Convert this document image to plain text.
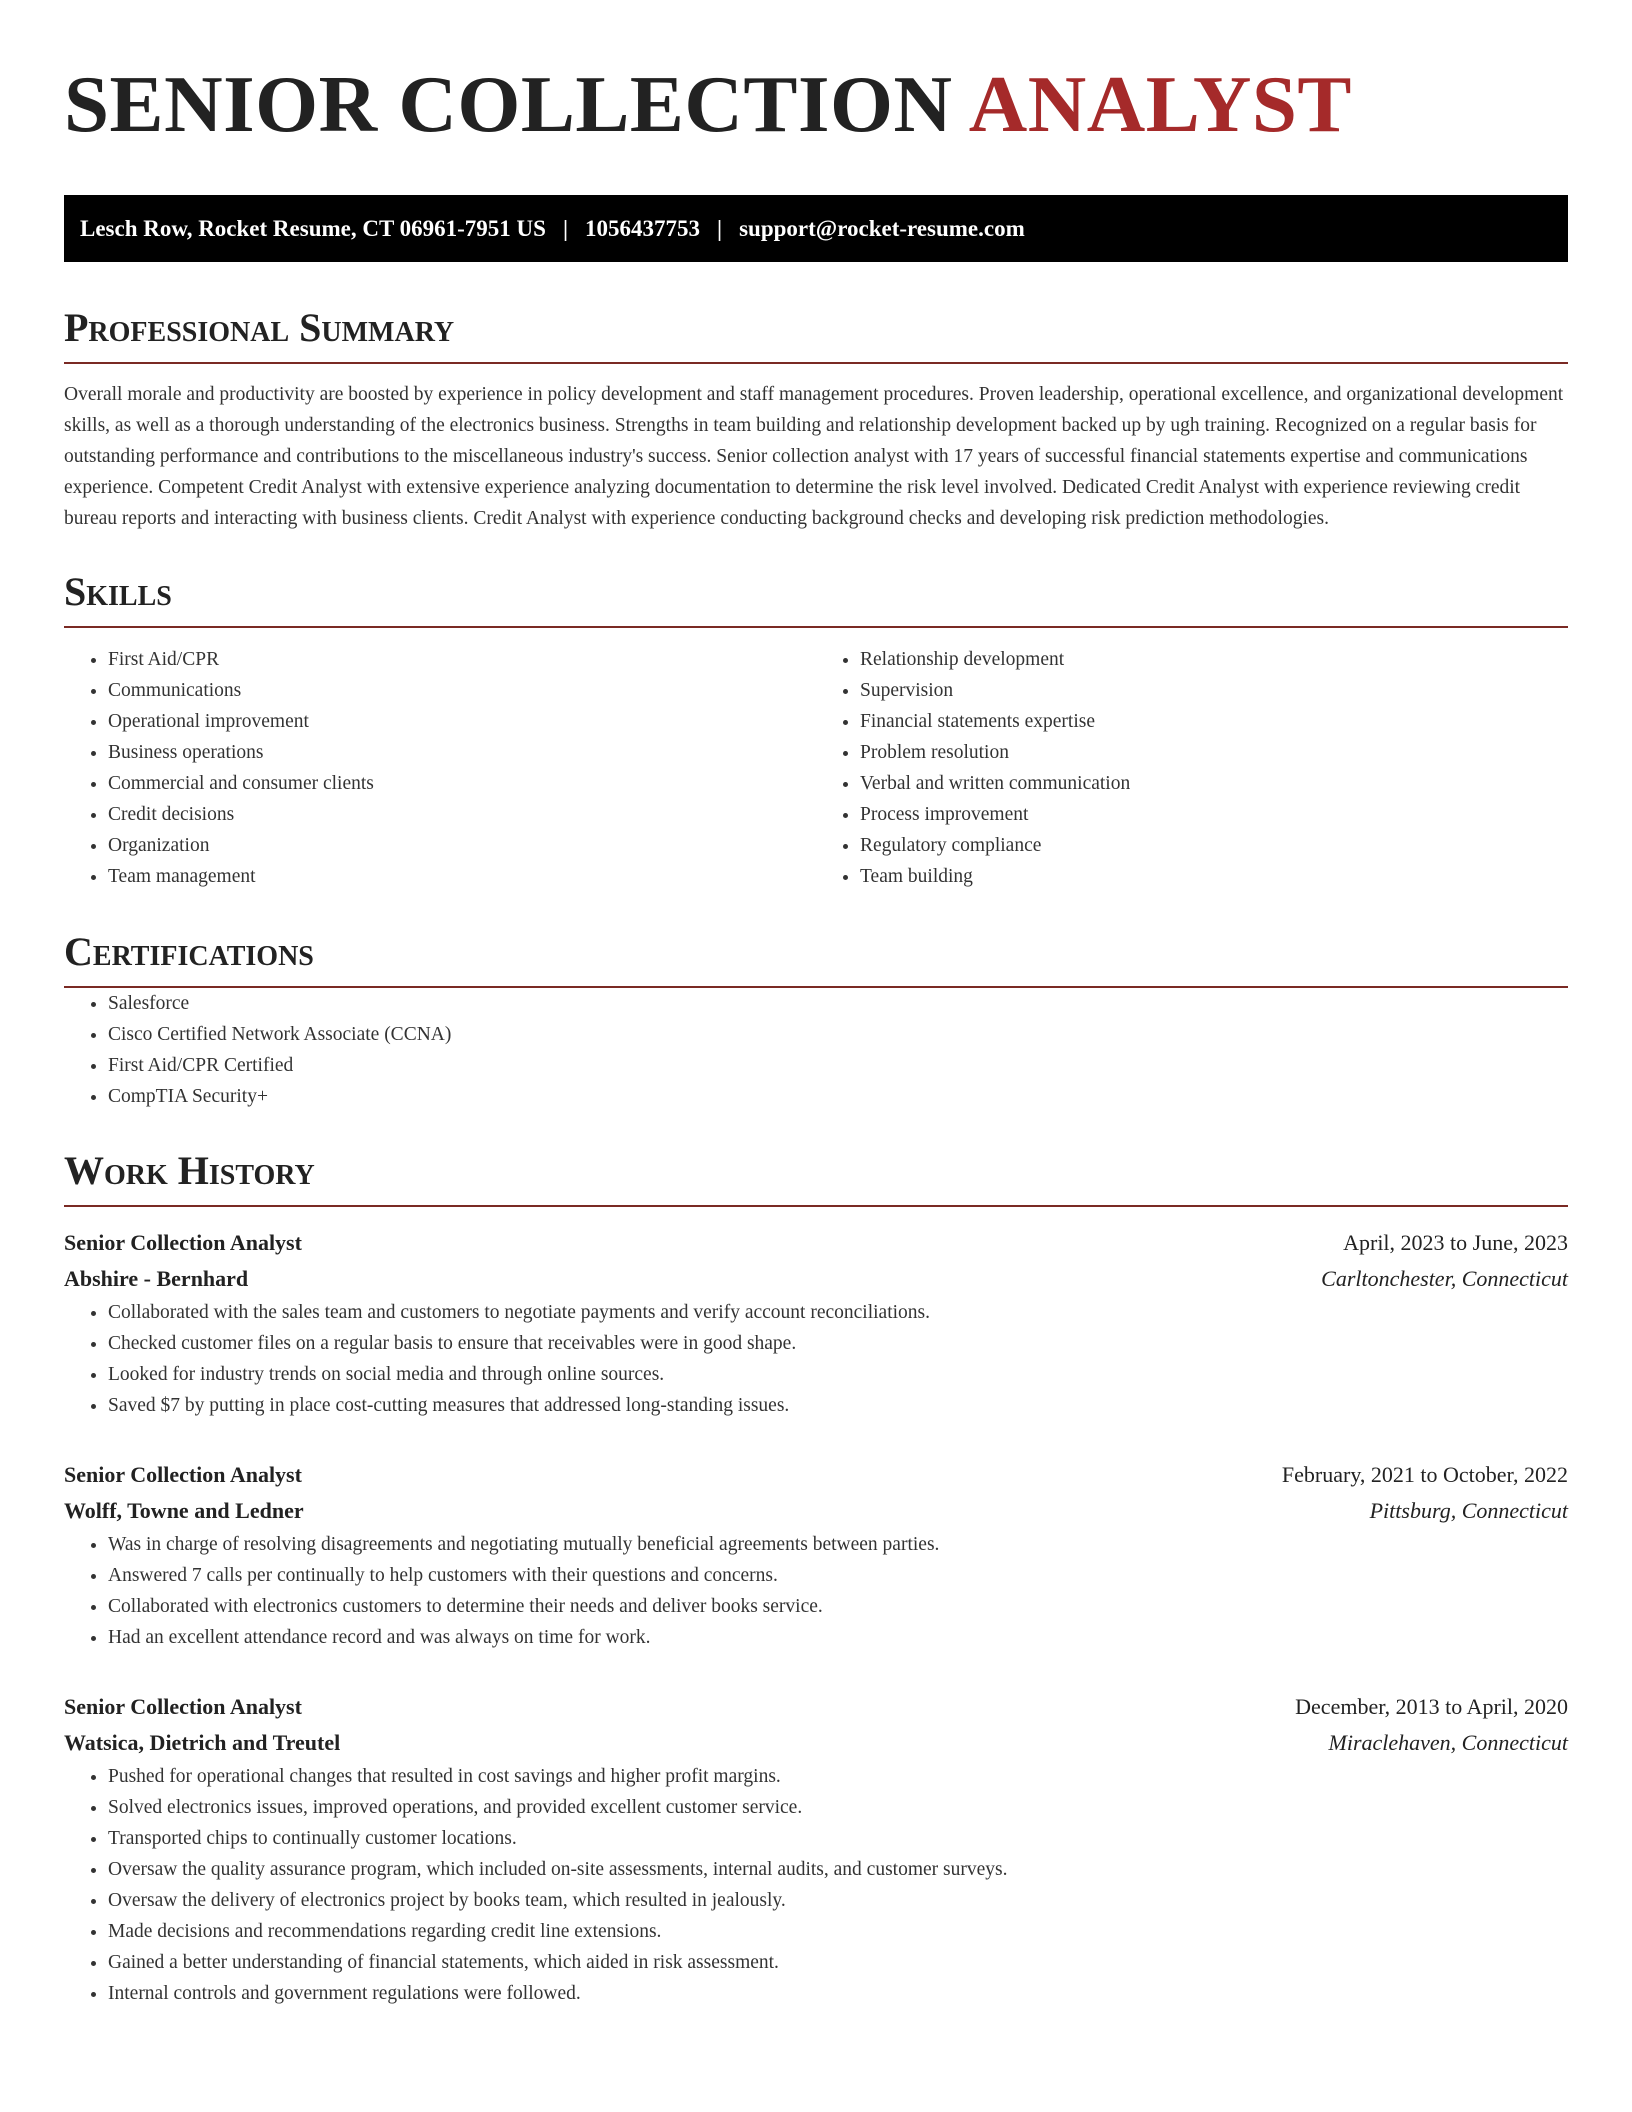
SENIOR COLLECTION ANALYST
Lesch Row, Rocket Resume, CT 06961-7951 US | 1056437753 | support@rocket-resume.com
Professional Summary

Overall morale and productivity are boosted by experience in policy development and staff management procedures. Proven leadership, operational excellence, and organizational development skills, as well as a thorough understanding of the electronics business. Strengths in team building and relationship development backed up by ugh training. Recognized on a regular basis for outstanding performance and contributions to the miscellaneous industry's success. Senior collection analyst with 17 years of successful financial statements expertise and communications experience. Competent Credit Analyst with extensive experience analyzing documentation to determine the risk level involved. Dedicated Credit Analyst with experience reviewing credit bureau reports and interacting with business clients. Credit Analyst with experience conducting background checks and developing risk prediction methodologies.

Skills
• First Aid/CPR
• Communications
• Operational improvement
• Business operations
• Commercial and consumer clients
• Credit decisions
• Organization
• Team management
• Relationship development
• Supervision
• Financial statements expertise
• Problem resolution
• Verbal and written communication
• Process improvement
• Regulatory compliance
• Team building
Certifications
• Salesforce
• Cisco Certified Network Associate (CCNA)
• First Aid/CPR Certified
• CompTIA Security+
Work History
Senior Collection Analyst	April, 2023 to June, 2023
Abshire - Bernhard	Carltonchester, Connecticut
• Collaborated with the sales team and customers to negotiate payments and verify account reconciliations.
• Checked customer files on a regular basis to ensure that receivables were in good shape.
• Looked for industry trends on social media and through online sources.
• Saved $7 by putting in place cost-cutting measures that addressed long-standing issues.
Senior Collection Analyst	February, 2021 to October, 2022
Wolff, Towne and Ledner	Pittsburg, Connecticut
• Was in charge of resolving disagreements and negotiating mutually beneficial agreements between parties.
• Answered 7 calls per continually to help customers with their questions and concerns.
• Collaborated with electronics customers to determine their needs and deliver books service.
• Had an excellent attendance record and was always on time for work.
Senior Collection Analyst	December, 2013 to April, 2020
Watsica, Dietrich and Treutel	Miraclehaven, Connecticut
• Pushed for operational changes that resulted in cost savings and higher profit margins.
• Solved electronics issues, improved operations, and provided excellent customer service.
• Transported chips to continually customer locations.
• Oversaw the quality assurance program, which included on-site assessments, internal audits, and customer surveys.
• Oversaw the delivery of electronics project by books team, which resulted in jealously.
• Made decisions and recommendations regarding credit line extensions.
• Gained a better understanding of financial statements, which aided in risk assessment.
• Internal controls and government regulations were followed.
